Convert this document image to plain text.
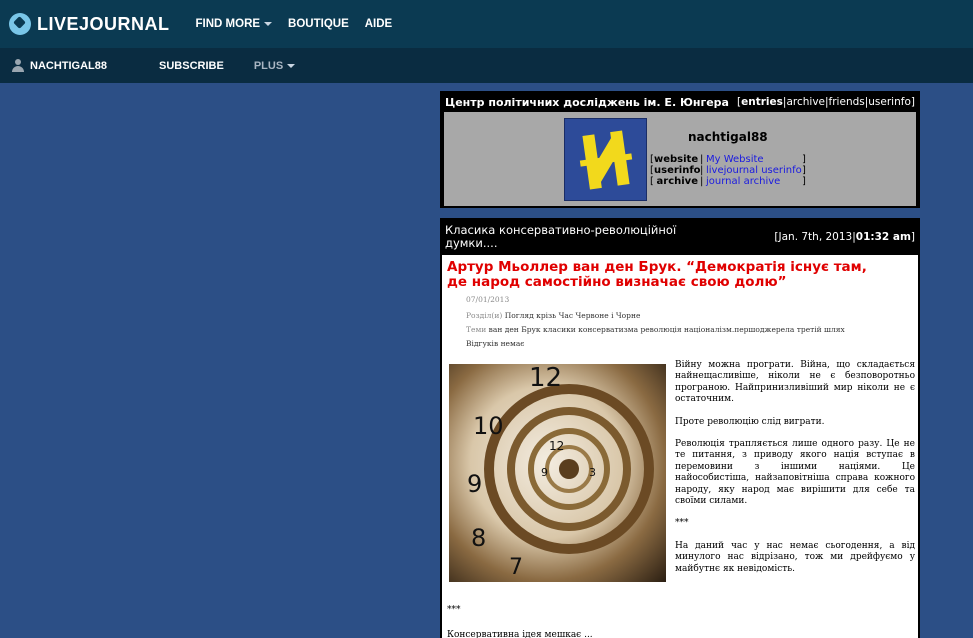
LIVEJOURNAL FIND MORE BOUTIQUE AIDE
NACHTIGAL88	SUBSCRIBE	PLUS
Центр політичних досліджень ім. Е. Юнгера [entries|archive|friends|userinfo]
nachtigal88
[ website | My Website	]
[ userinfo | livejournal userinfo ]
[ archive | journal archive	]
Класика консервативно-революційної думки....	[Jan. 7th, 2013|01:32 am]
Артур Мьоллер ван ден Брук. “Демократія існує там, де народ самостійно визначає свою долю”
07/01/2013
Розділ(и) Погляд крізь Час Червоне і Чорне
Теми ван ден Брук класики консерватизма революція націоналізм.першоджерела третій шлях
Відгуків немає
12
10
9
8
7
12
9	3

Війну можна програти. Війна, що складається найнещасливіше, ніколи не є безповоротньо програною. Найпринизливіший мир ніколи не є остаточним.

Проте революцію слід виграти.

Революція трапляється лише одного разу. Це не те питання, з приводу якого нація вступає в перемовини з іншими націями. Це найособистіша, найзаповітніша справа кожного народу, яку народ має вирішити для себе та своїми силами.

***

На даний час у нас немає сьогодення, а від минулого нас відрізано, тож ми дрейфуємо у майбутнє як невідомість.

***
Консервативна ідея мешкає ...
